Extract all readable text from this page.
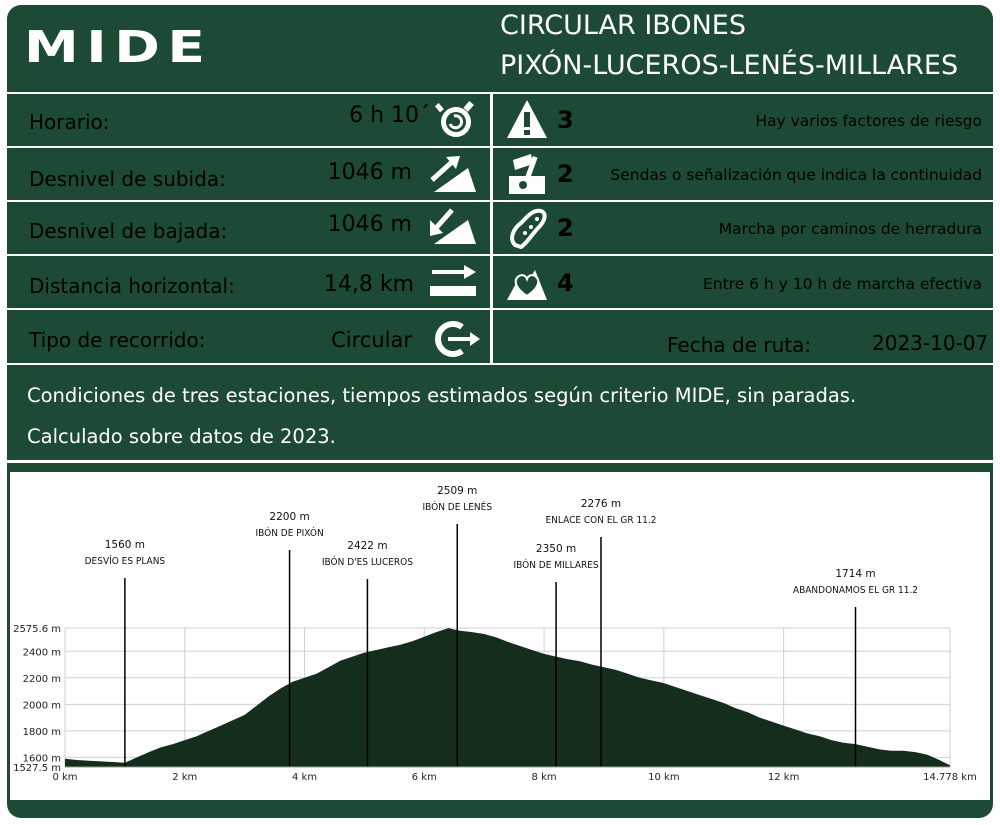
MIDE	CIRCULAR IBONES
PIXÓN-LUCEROS-LENÉS-MILLARES
Horario:	6 h 10´
Desnivel de subida:	1046 m
Desnivel de bajada:	1046 m
Distancia horizontal:	14,8 km
Tipo de recorrido:	Circular
3	Hay varios factores de riesgo
2 Sendas o señalización que indica la continuidad
2	Marcha por caminos de herradura
4	Entre 6 h y 10 h de marcha efectiva
Fecha de ruta:	2023-10-07
Condiciones de tres estaciones, tiempos estimados según criterio MIDE, sin paradas.
Calculado sobre datos de 2023.
1527.5 m
1600 m
1800 m
2000 m
2200 m
2400 m
2575.6 m
0 km	2 km	4 km	6 km	8 km	10 km	12 km	14.778 km
1560 m
DESVÍO ES PLANS
2200 m
IBÓN DE PIXÓN
2422 m
IBÓN D'ES LUCEROS
2509 m
IBÓN DE LENÉS
2350 m
IBÓN DE MILLARES
2276 m
ENLACE CON EL GR 11.2
1714 m
ABANDONAMOS EL GR 11.2
